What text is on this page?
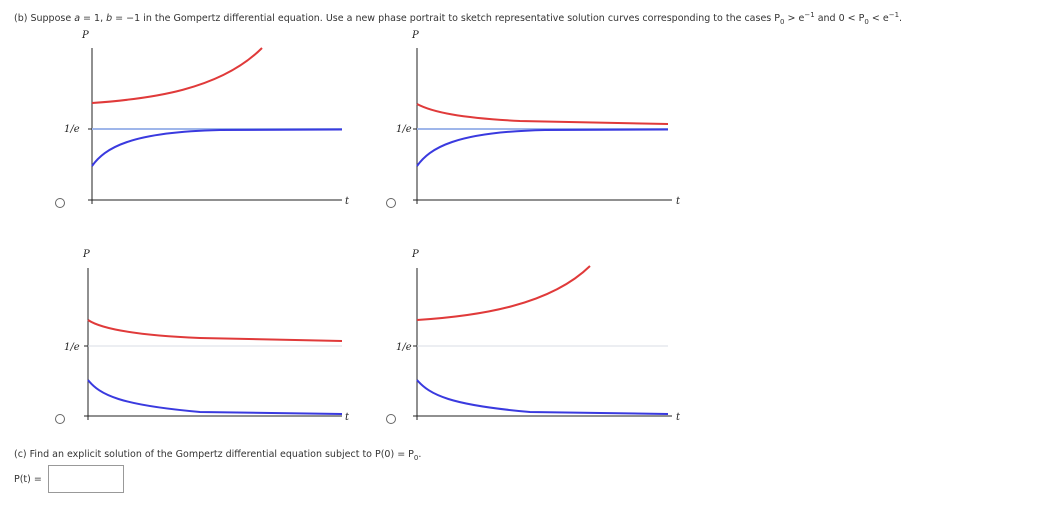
(b) Suppose a = 1, b = −1 in the Gompertz differential equation. Use a new phase portrait to sketch representative solution curves corresponding to the cases $P_0 > e^{-1}$ and $0 < P_0 < e^{-1}$.
P
t
1/e
P
t
1/e
P
t
1/e
P
t
1/e
(c) Find an explicit solution of the Gompertz differential equation subject to $P(0) = P_0$.
P(t) =
